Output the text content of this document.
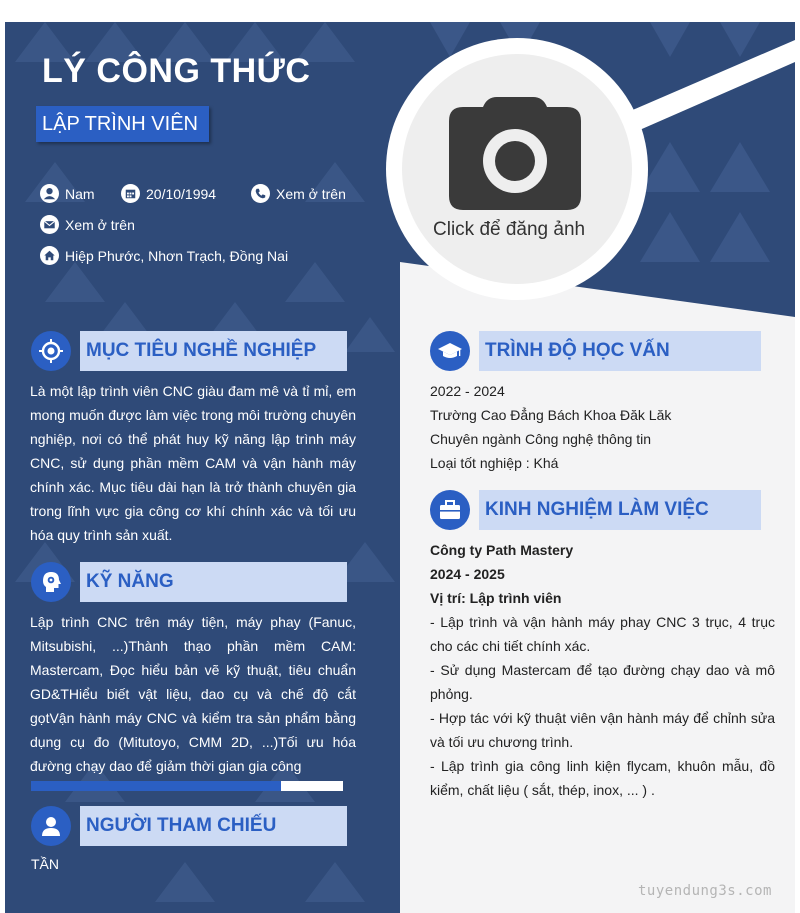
LÝ CÔNG THỨC
LẬP TRÌNH VIÊN
Nam	20/10/1994	Xem ở trên
Xem ở trên
Hiệp Phước, Nhơn Trạch, Đồng Nai
Click để đăng ảnh
MỤC TIÊU NGHỀ NGHIỆP
Là một lập trình viên CNC giàu đam mê và tỉ mỉ, em mong muốn được làm việc trong môi trường chuyên nghiệp, nơi có thể phát huy kỹ năng lập trình máy CNC, sử dụng phần mềm CAM và vận hành máy chính xác. Mục tiêu dài hạn là trở thành chuyên gia trong lĩnh vực gia công cơ khí chính xác và tối ưu hóa quy trình sản xuất.
KỸ NĂNG
Lập trình CNC trên máy tiện, máy phay (Fanuc, Mitsubishi, ...)Thành thạo phần mềm CAM: Mastercam, Đọc hiểu bản vẽ kỹ thuật, tiêu chuẩn GD&THiểu biết vật liệu, dao cụ và chế độ cắt gọtVận hành máy CNC và kiểm tra sản phẩm bằng dụng cụ đo (Mitutoyo, CMM 2D, ...)Tối ưu hóa đường chạy dao để giảm thời gian gia công
NGƯỜI THAM CHIẾU
TẦN
TRÌNH ĐỘ HỌC VẤN
2022 - 2024
Trường Cao Đẳng Bách Khoa Đăk Lăk
Chuyên ngành Công nghệ thông tin
Loại tốt nghiệp : Khá
KINH NGHIỆM LÀM VIỆC
Công ty Path Mastery
2024 - 2025
Vị trí: Lập trình viên
- Lập trình và vận hành máy phay CNC 3 trục, 4 trục cho các chi tiết chính xác.
- Sử dụng Mastercam để tạo đường chạy dao và mô phỏng.
- Hợp tác với kỹ thuật viên vận hành máy để chỉnh sửa và tối ưu chương trình.
- Lập trình gia công linh kiện flycam, khuôn mẫu, đồ kiểm, chất liệu ( sắt, thép, inox, ... ) .
tuyendung3s.com
